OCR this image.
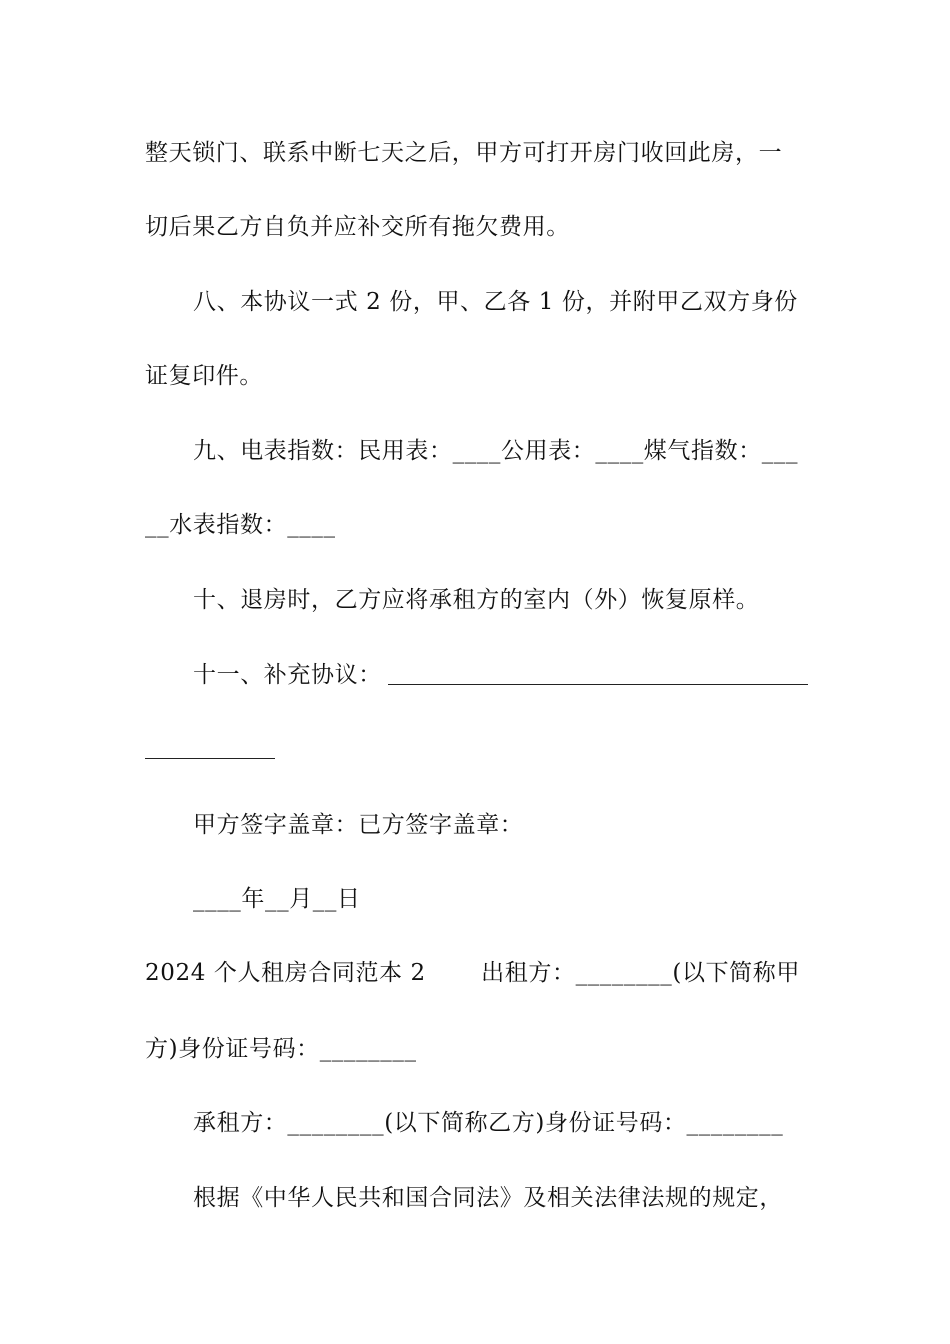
整天锁门、联系中断七天之后，甲方可打开房门收回此房，一
切后果乙方自负并应补交所有拖欠费用。
八、本协议一式 2 份，甲、乙各 1 份，并附甲乙双方身份
证复印件。
九、电表指数：民用表：____公用表：____煤气指数：___
__水表指数：____
十、退房时，乙方应将承租方的室内（外）恢复原样。
十一、补充协议：
甲方签字盖章：已方签字盖章：
____年__月__日
2024 个人租房合同范本 2       出租方：________(以下简称甲
方)身份证号码：________
承租方：________(以下简称乙方)身份证号码：________
根据《中华人民共和国合同法》及相关法律法规的规定，
